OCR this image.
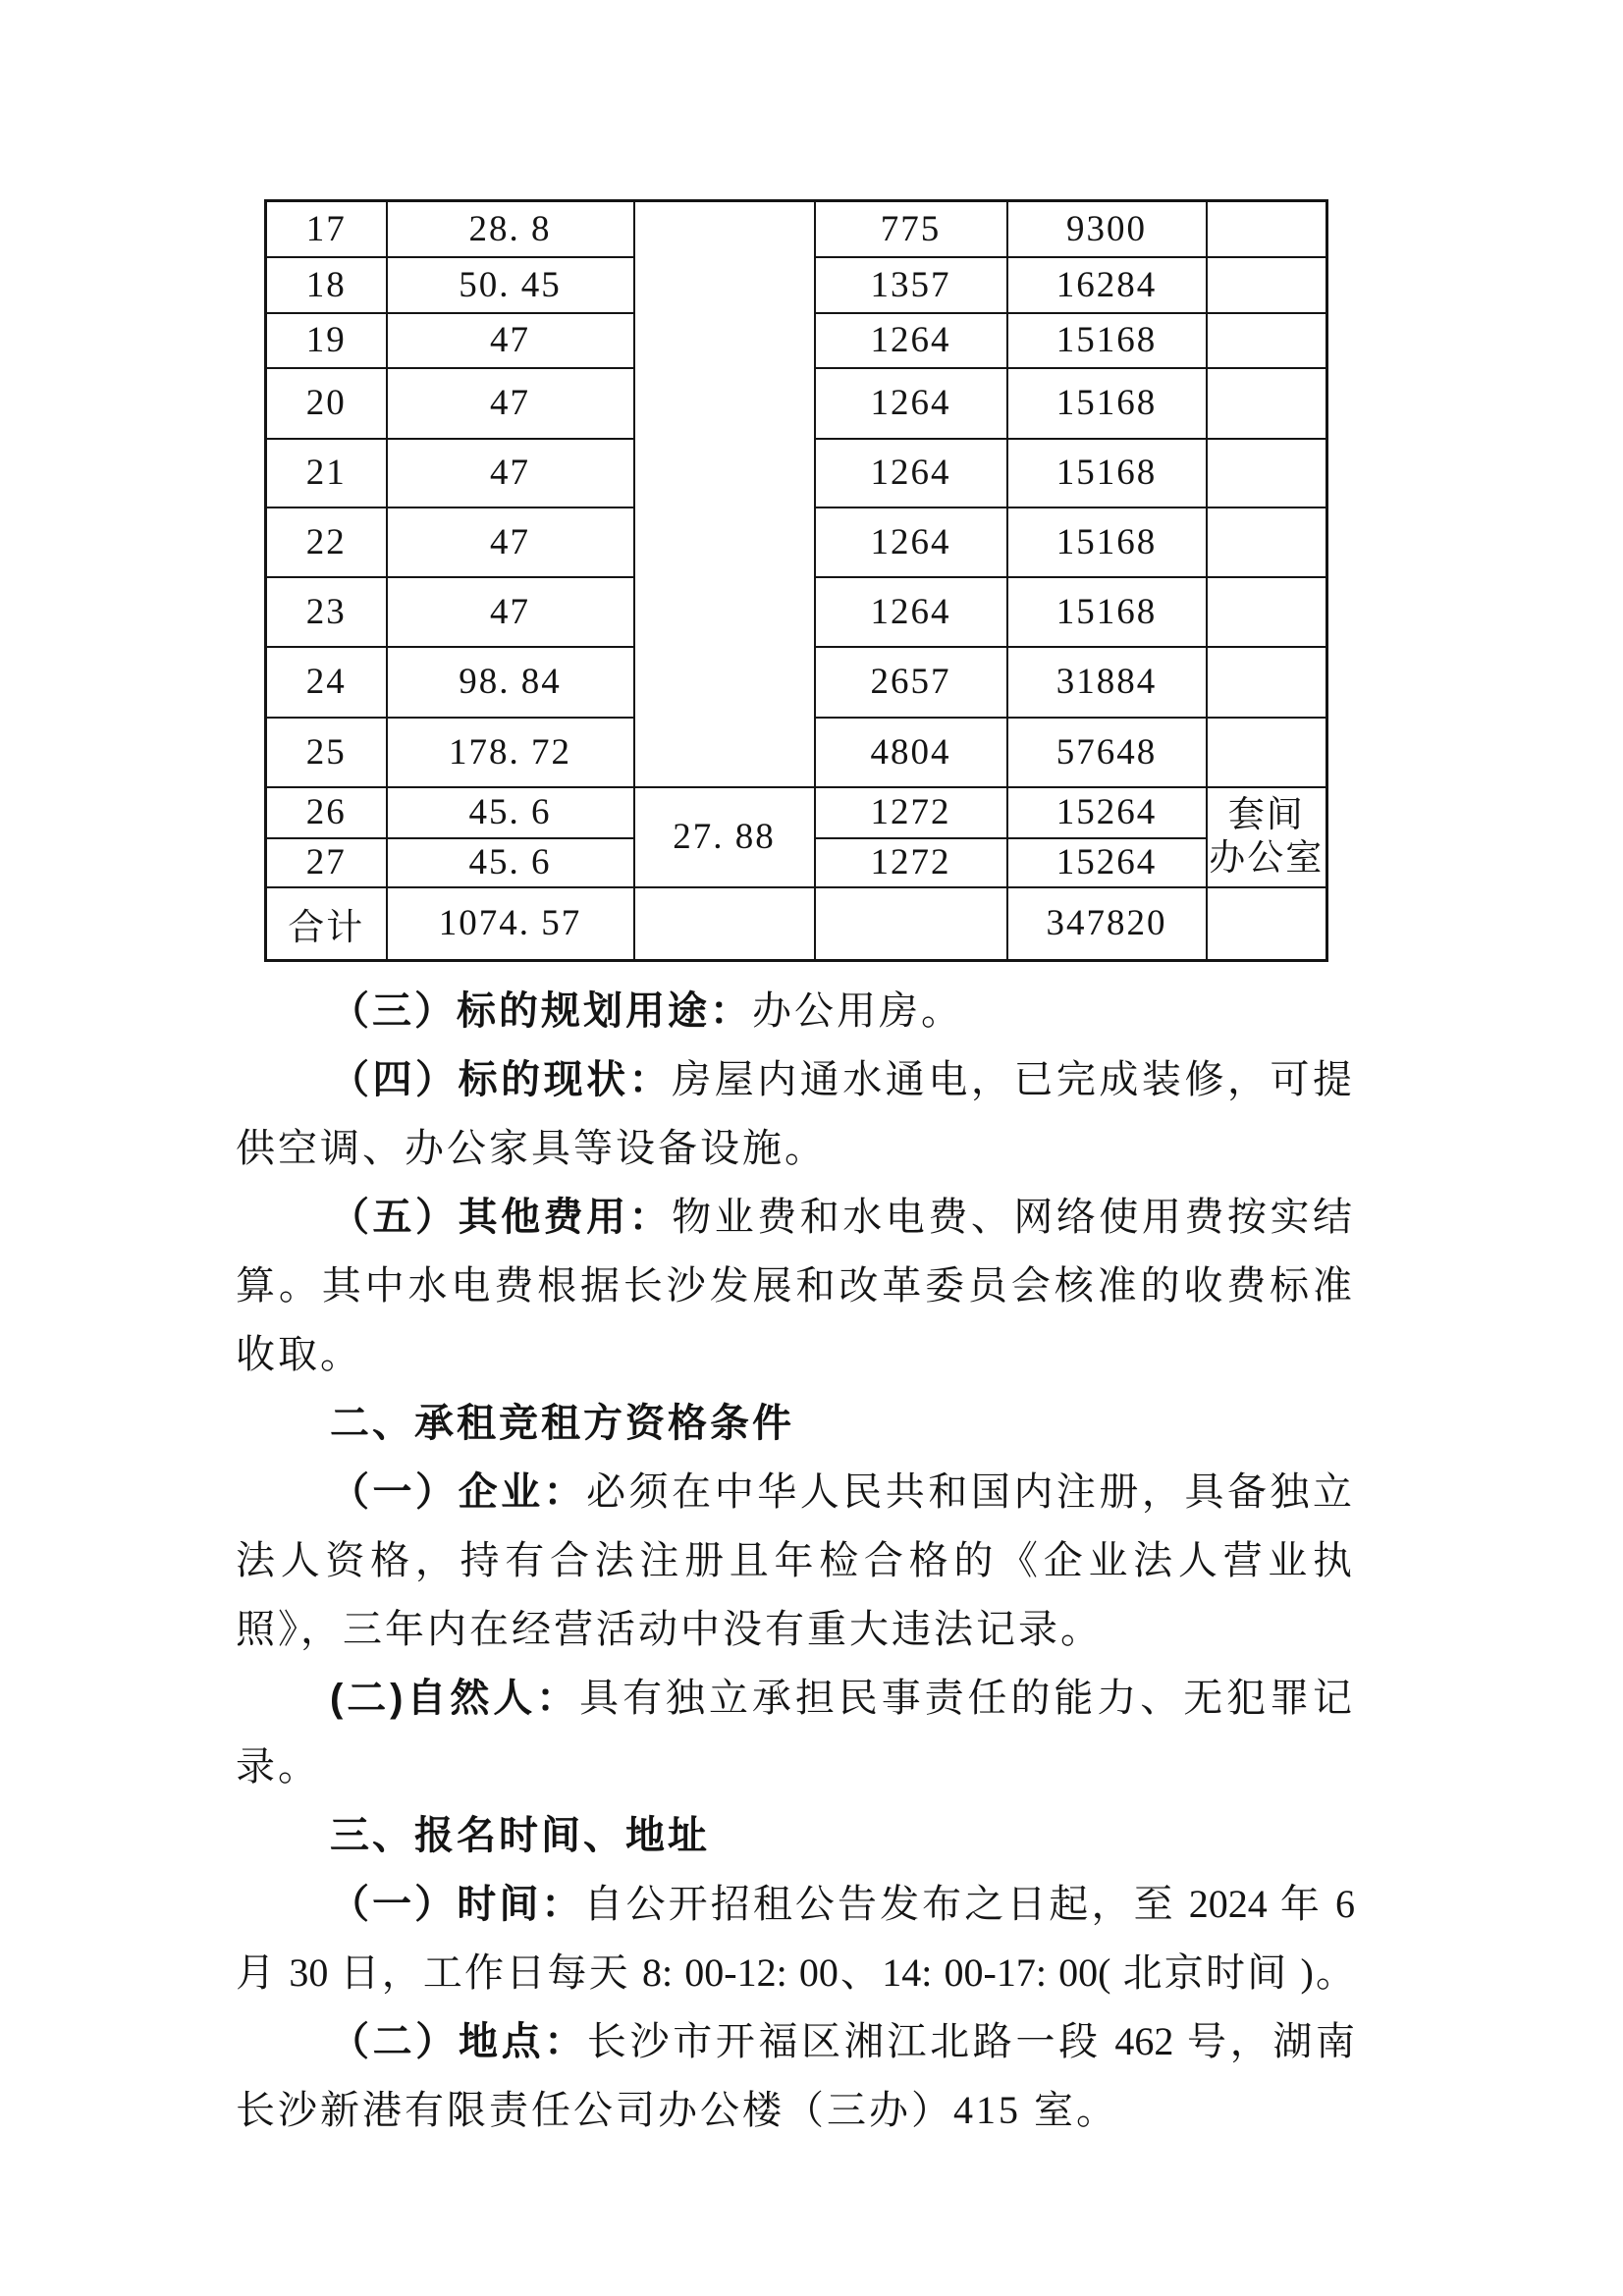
17	28. 8		775	9300	
18	50. 45		1357	16284	
19	47		1264	15168	
20	47		1264	15168	
21	47		1264	15168	
22	47		1264	15168	
23	47		1264	15168	
24	98. 84		2657	31884	
25	178. 72		4804	57648	
26	45. 6	27. 88	1272	15264	套间
办公室
27	45. 6		1272	15264	
合计	1074. 57			347820	
（三）标的规划用途：办公用房。
（四）标的现状：房屋内通水通电，已完成装修，可提
供空调、办公家具等设备设施。
（五）其他费用：物业费和水电费、网络使用费按实结
算。其中水电费根据长沙发展和改革委员会核准的收费标准
收取。
二、承租竞租方资格条件
（一）企业：必须在中华人民共和国内注册，具备独立
法人资格，持有合法注册且年检合格的《企业法人营业执
照》，三年内在经营活动中没有重大违法记录。
(二)自然人：具有独立承担民事责任的能力、无犯罪记
录。
三、报名时间、地址
（一）时间：自公开招租公告发布之日起，至 2024 年 6
月 30 日，工作日每天 8: 00-12: 00、14: 00-17: 00( 北京时间 )。
（二）地点：长沙市开福区湘江北路一段 462 号，湖南
长沙新港有限责任公司办公楼（三办）415 室。
